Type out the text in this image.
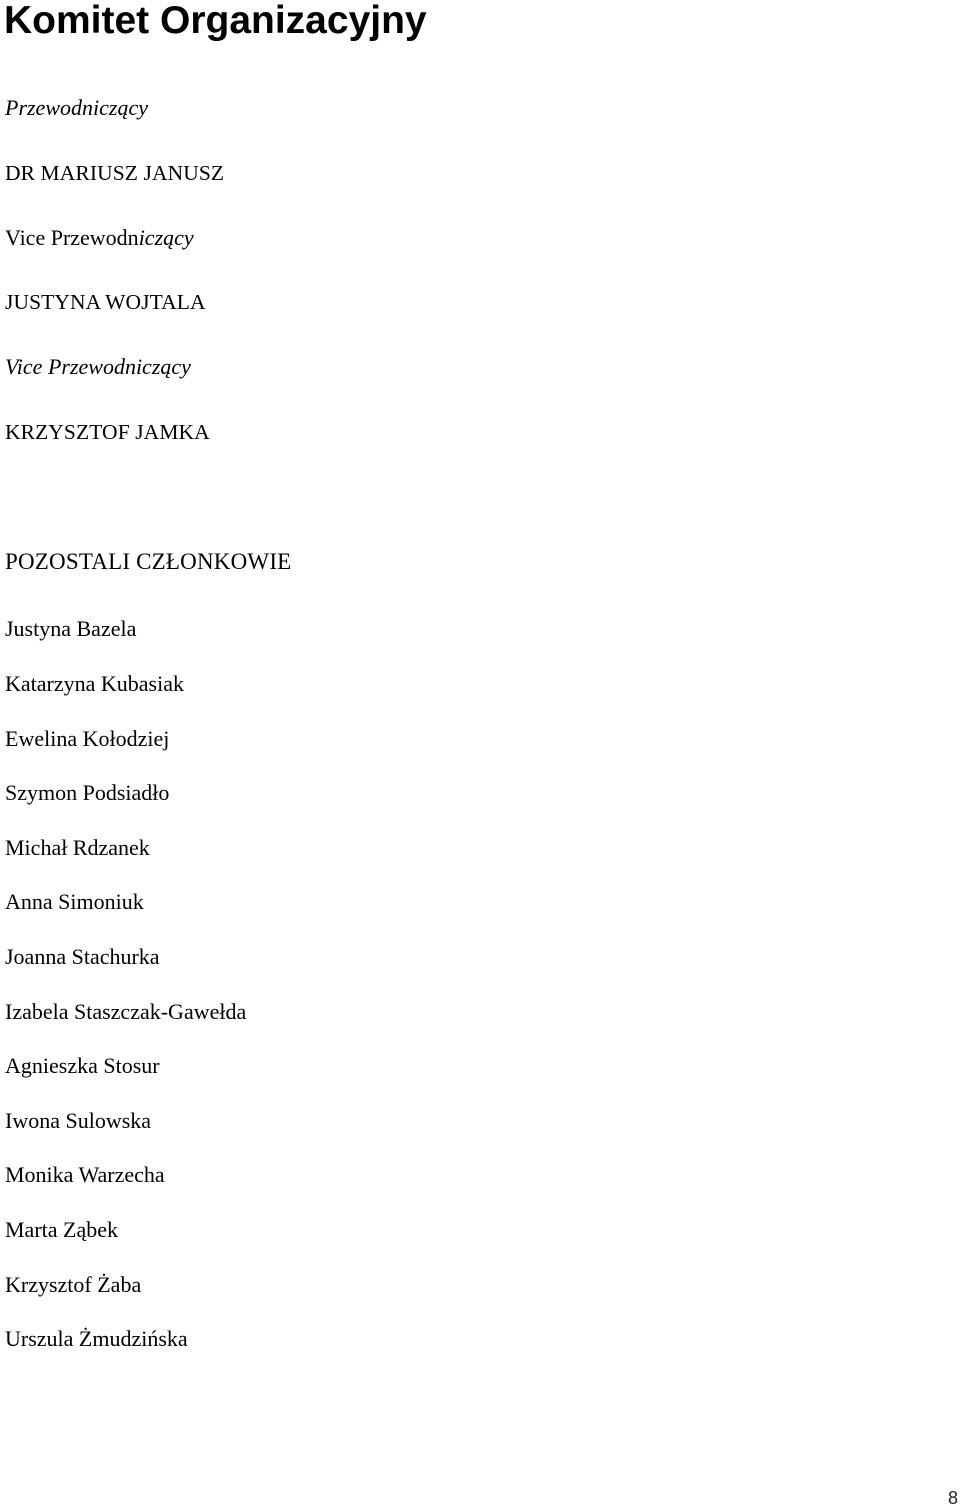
Komitet Organizacyjny

Przewodniczący

DR MARIUSZ JANUSZ

Vice Przewodniczący

JUSTYNA WOJTALA

Vice Przewodniczący

KRZYSZTOF JAMKA

POZOSTALI CZŁONKOWIE

Justyna Bazela

Katarzyna Kubasiak

Ewelina Kołodziej

Szymon Podsiadło

Michał Rdzanek

Anna Simoniuk

Joanna Stachurka

Izabela Staszczak-Gawełda

Agnieszka Stosur

Iwona Sulowska

Monika Warzecha

Marta Ząbek

Krzysztof Żaba

Urszula Żmudzińska

8
